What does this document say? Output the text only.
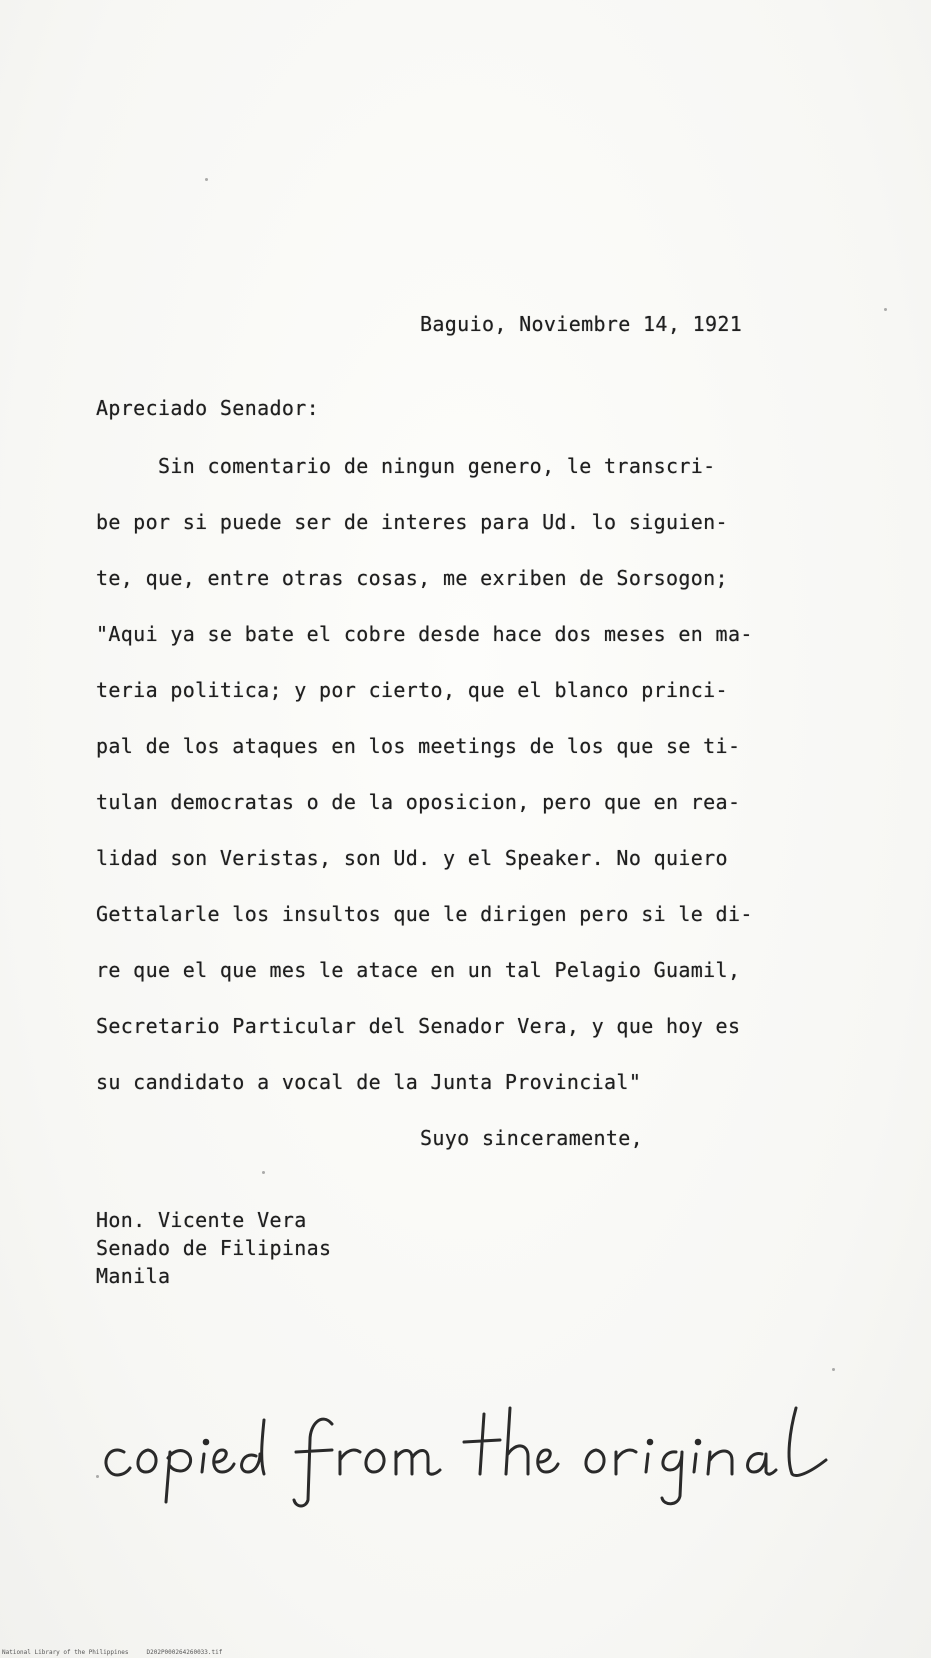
Baguio, Noviembre 14, 1921
Apreciado Senador:
Sin comentario de ningun genero, le transcri-
be por si puede ser de interes para Ud. lo siguien-
te, que, entre otras cosas, me exriben de Sorsogon;
"Aqui ya se bate el cobre desde hace dos meses en ma-
teria politica; y por cierto, que el blanco princi-
pal de los ataques en los meetings de los que se ti-
tulan democratas o de la oposicion, pero que en rea-
lidad son Veristas, son Ud. y el Speaker. No quiero
Gettalarle los insultos que le dirigen pero si le di-
re que el que mes le atace en un tal Pelagio Guamil,
Secretario Particular del Senador Vera, y que hoy es
su candidato a vocal de la Junta Provincial"
Suyo sinceramente,
Hon. Vicente Vera
Senado de Filipinas
Manila
National Library of the Philippines     D202P000264260033.tif
